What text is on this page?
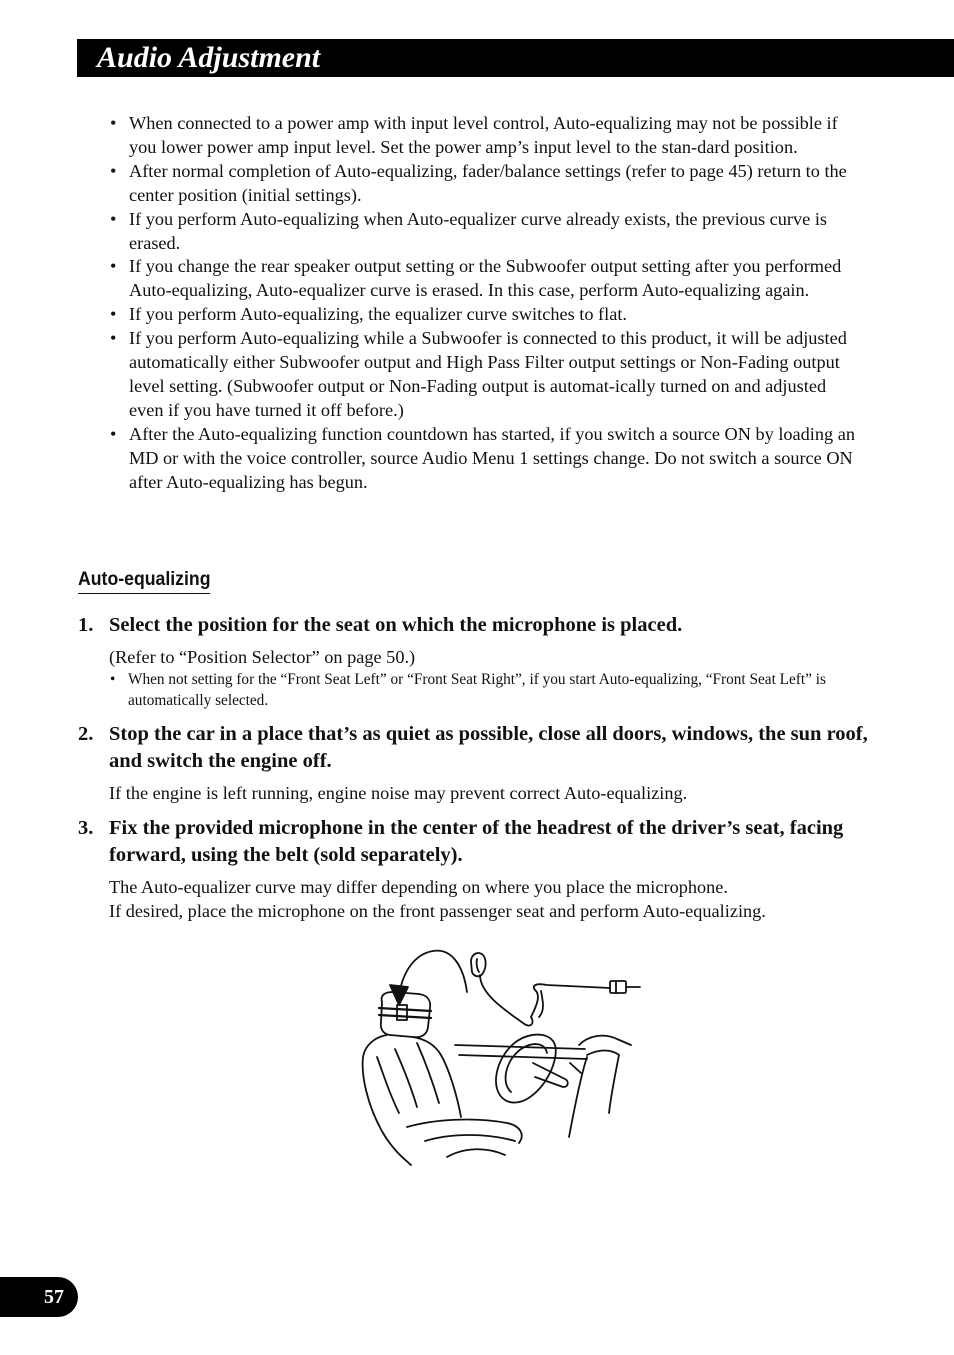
Audio Adjustment
• When connected to a power amp with input level control, Auto-equalizing may not be possible if you lower power amp input level. Set the power amp’s input level to the stan-dard position.
• After normal completion of Auto-equalizing, fader/balance settings (refer to page 45) return to the center position (initial settings).
• If you perform Auto-equalizing when Auto-equalizer curve already exists, the previous curve is erased.
• If you change the rear speaker output setting or the Subwoofer output setting after you performed Auto-equalizing, Auto-equalizer curve is erased. In this case, perform Auto-equalizing again.
• If you perform Auto-equalizing, the equalizer curve switches to flat.
• If you perform Auto-equalizing while a Subwoofer is connected to this product, it will be adjusted automatically either Subwoofer output and High Pass Filter output settings or Non-Fading output level setting. (Subwoofer output or Non-Fading output is automat-ically turned on and adjusted even if you have turned it off before.)
• After the Auto-equalizing function countdown has started, if you switch a source ON by loading an MD or with the voice controller, source Audio Menu 1 settings change. Do not switch a source ON after Auto-equalizing has begun.
Auto-equalizing
1. Select the position for the seat on which the microphone is placed.
(Refer to “Position Selector” on page 50.)
• When not setting for the “Front Seat Left” or “Front Seat Right”, if you start Auto-equalizing, “Front Seat Left” is automatically selected.
2. Stop the car in a place that’s as quiet as possible, close all doors, windows, the sun roof, and switch the engine off.
If the engine is left running, engine noise may prevent correct Auto-equalizing.
3. Fix the provided microphone in the center of the headrest of the driver’s seat, facing forward, using the belt (sold separately).
The Auto-equalizer curve may differ depending on where you place the microphone.
If desired, place the microphone on the front passenger seat and perform Auto-equalizing.
57
